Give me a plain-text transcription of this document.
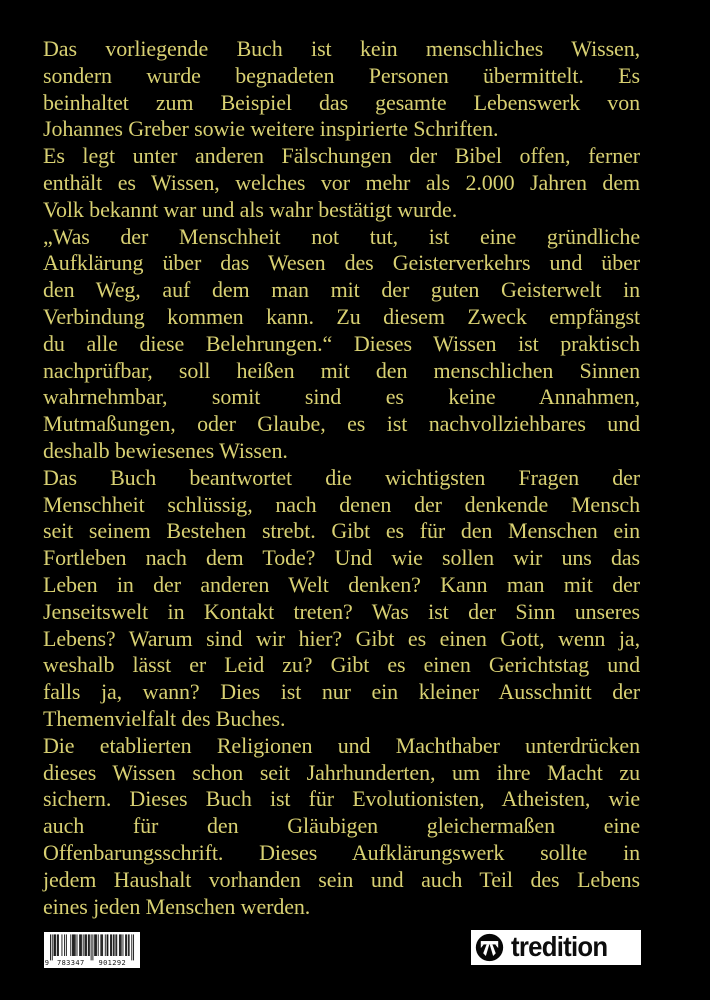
Das vorliegende Buch ist kein menschliches Wissen,
sondern wurde begnadeten Personen übermittelt. Es
beinhaltet zum Beispiel das gesamte Lebenswerk von
Johannes Greber sowie weitere inspirierte Schriften.
Es legt unter anderen Fälschungen der Bibel offen, ferner
enthält es Wissen, welches vor mehr als 2.000 Jahren dem
Volk bekannt war und als wahr bestätigt wurde.
„Was der Menschheit not tut, ist eine gründliche
Aufklärung über das Wesen des Geisterverkehrs und über
den Weg, auf dem man mit der guten Geisterwelt in
Verbindung kommen kann. Zu diesem Zweck empfängst
du alle diese Belehrungen.“ Dieses Wissen ist praktisch
nachprüfbar, soll heißen mit den menschlichen Sinnen
wahrnehmbar, somit sind es keine Annahmen,
Mutmaßungen, oder Glaube, es ist nachvollziehbares und
deshalb bewiesenes Wissen.
Das Buch beantwortet die wichtigsten Fragen der
Menschheit schlüssig, nach denen der denkende Mensch
seit seinem Bestehen strebt. Gibt es für den Menschen ein
Fortleben nach dem Tode? Und wie sollen wir uns das
Leben in der anderen Welt denken? Kann man mit der
Jenseitswelt in Kontakt treten? Was ist der Sinn unseres
Lebens? Warum sind wir hier? Gibt es einen Gott, wenn ja,
weshalb lässt er Leid zu? Gibt es einen Gerichtstag und
falls ja, wann? Dies ist nur ein kleiner Ausschnitt der
Themenvielfalt des Buches.
Die etablierten Religionen und Machthaber unterdrücken
dieses Wissen schon seit Jahrhunderten, um ihre Macht zu
sichern. Dieses Buch ist für Evolutionisten, Atheisten, wie
auch für den Gläubigen gleichermaßen eine
Offenbarungsschrift. Dieses Aufklärungswerk sollte in
jedem Haushalt vorhanden sein und auch Teil des Lebens
eines jeden Menschen werden.
9 783347 901292
tredition
